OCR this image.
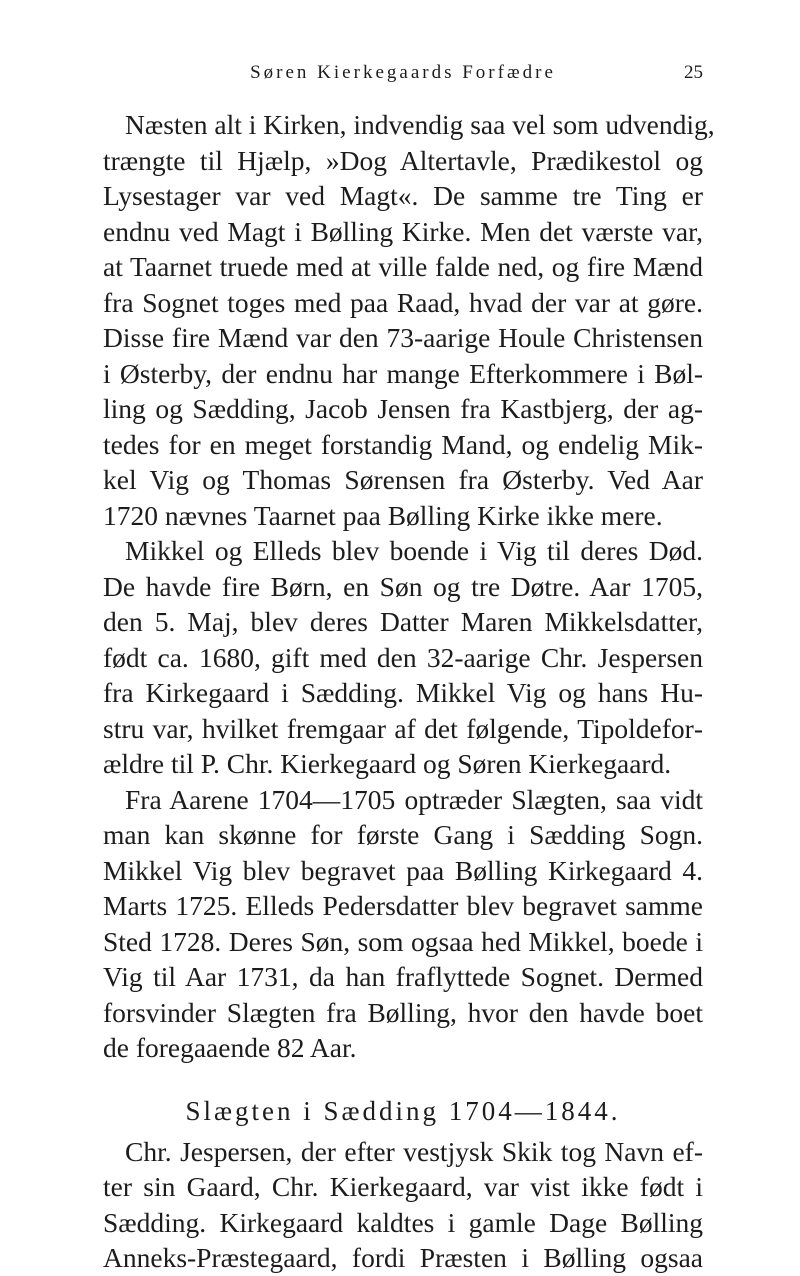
Søren Kierkegaards Forfædre	25
Næsten alt i Kirken, indvendig saa vel som udvendig,
trængte til Hjælp, »Dog Altertavle, Prædikestol og
Lysestager var ved Magt«. De samme tre Ting er
endnu ved Magt i Bølling Kirke. Men det værste var,
at Taarnet truede med at ville falde ned, og fire Mænd
fra Sognet toges med paa Raad, hvad der var at gøre.
Disse fire Mænd var den 73‑aarige Houle Christensen
i Østerby, der endnu har mange Efterkommere i Bøl‑
ling og Sædding, Jacob Jensen fra Kastbjerg, der ag‑
tedes for en meget forstandig Mand, og endelig Mik‑
kel Vig og Thomas Sørensen fra Østerby. Ved Aar
1720 nævnes Taarnet paa Bølling Kirke ikke mere.
Mikkel og Elleds blev boende i Vig til deres Død.
De havde fire Børn, en Søn og tre Døtre. Aar 1705,
den 5. Maj, blev deres Datter Maren Mikkelsdatter,
født ca. 1680, gift med den 32‑aarige Chr. Jespersen
fra Kirkegaard i Sædding. Mikkel Vig og hans Hu‑
stru var, hvilket fremgaar af det følgende, Tipoldefor‑
ældre til P. Chr. Kierkegaard og Søren Kierkegaard.
Fra Aarene 1704—1705 optræder Slægten, saa vidt
man kan skønne for første Gang i Sædding Sogn.
Mikkel Vig blev begravet paa Bølling Kirkegaard 4.
Marts 1725. Elleds Pedersdatter blev begravet samme
Sted 1728. Deres Søn, som ogsaa hed Mikkel, boede i
Vig til Aar 1731, da han fraflyttede Sognet. Dermed
forsvinder Slægten fra Bølling, hvor den havde boet
de foregaaende 82 Aar.
Slægten i Sædding 1704—1844.
Chr. Jespersen, der efter vestjysk Skik tog Navn ef‑
ter sin Gaard, Chr. Kierkegaard, var vist ikke født i
Sædding. Kirkegaard kaldtes i gamle Dage Bølling
Anneks‑Præstegaard, fordi Præsten i Bølling ogsaa
